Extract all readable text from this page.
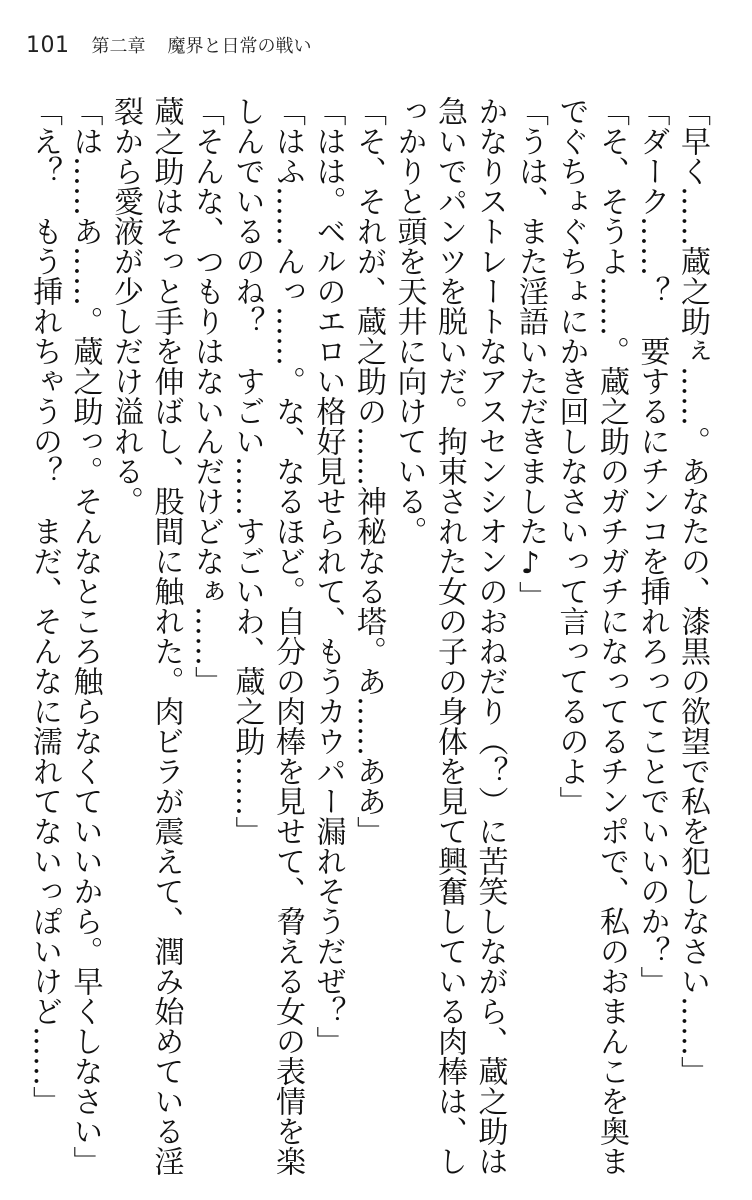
101 第二章 魔界と日常の戦い

「早く……蔵之助ぇ……。あなたの、漆黒の欲望で私を犯しなさい……」

「ダーク……？　要するにチンコを挿れろってことでいいのか？」

「そ、そうよ……。蔵之助のガチガチになってるチンポで、私のおまんこを奥までぐちょぐちょにかき回しなさいって言ってるのよ」

「うは、また淫語いただきました♪」

かなりストレートなアスセンシオンのおねだり（？）に苦笑しながら、蔵之助は急いでパンツを脱いだ。拘束された女の子の身体を見て興奮している肉棒は、しっかりと頭を天井に向けている。

「そ、それが、蔵之助の……神秘なる塔。あ……ああ」

「はは。ベルのエロい格好見せられて、もうカウパー漏れそうだぜ？」

「はふ……んっ……。な、なるほど。自分の肉棒を見せて、脅える女の表情を楽しんでいるのね？　すごい……すごいわ、蔵之助……」

「そんな、つもりはないんだけどなぁ……」

蔵之助はそっと手を伸ばし、股間に触れた。肉ビラが震えて、潤み始めている淫裂から愛液が少しだけ溢れる。

「は……あ……。蔵之助っ。そんなところ触らなくていいから。早くしなさい」

「え？　もう挿れちゃうの？　まだ、そんなに濡れてないっぽいけど……」
